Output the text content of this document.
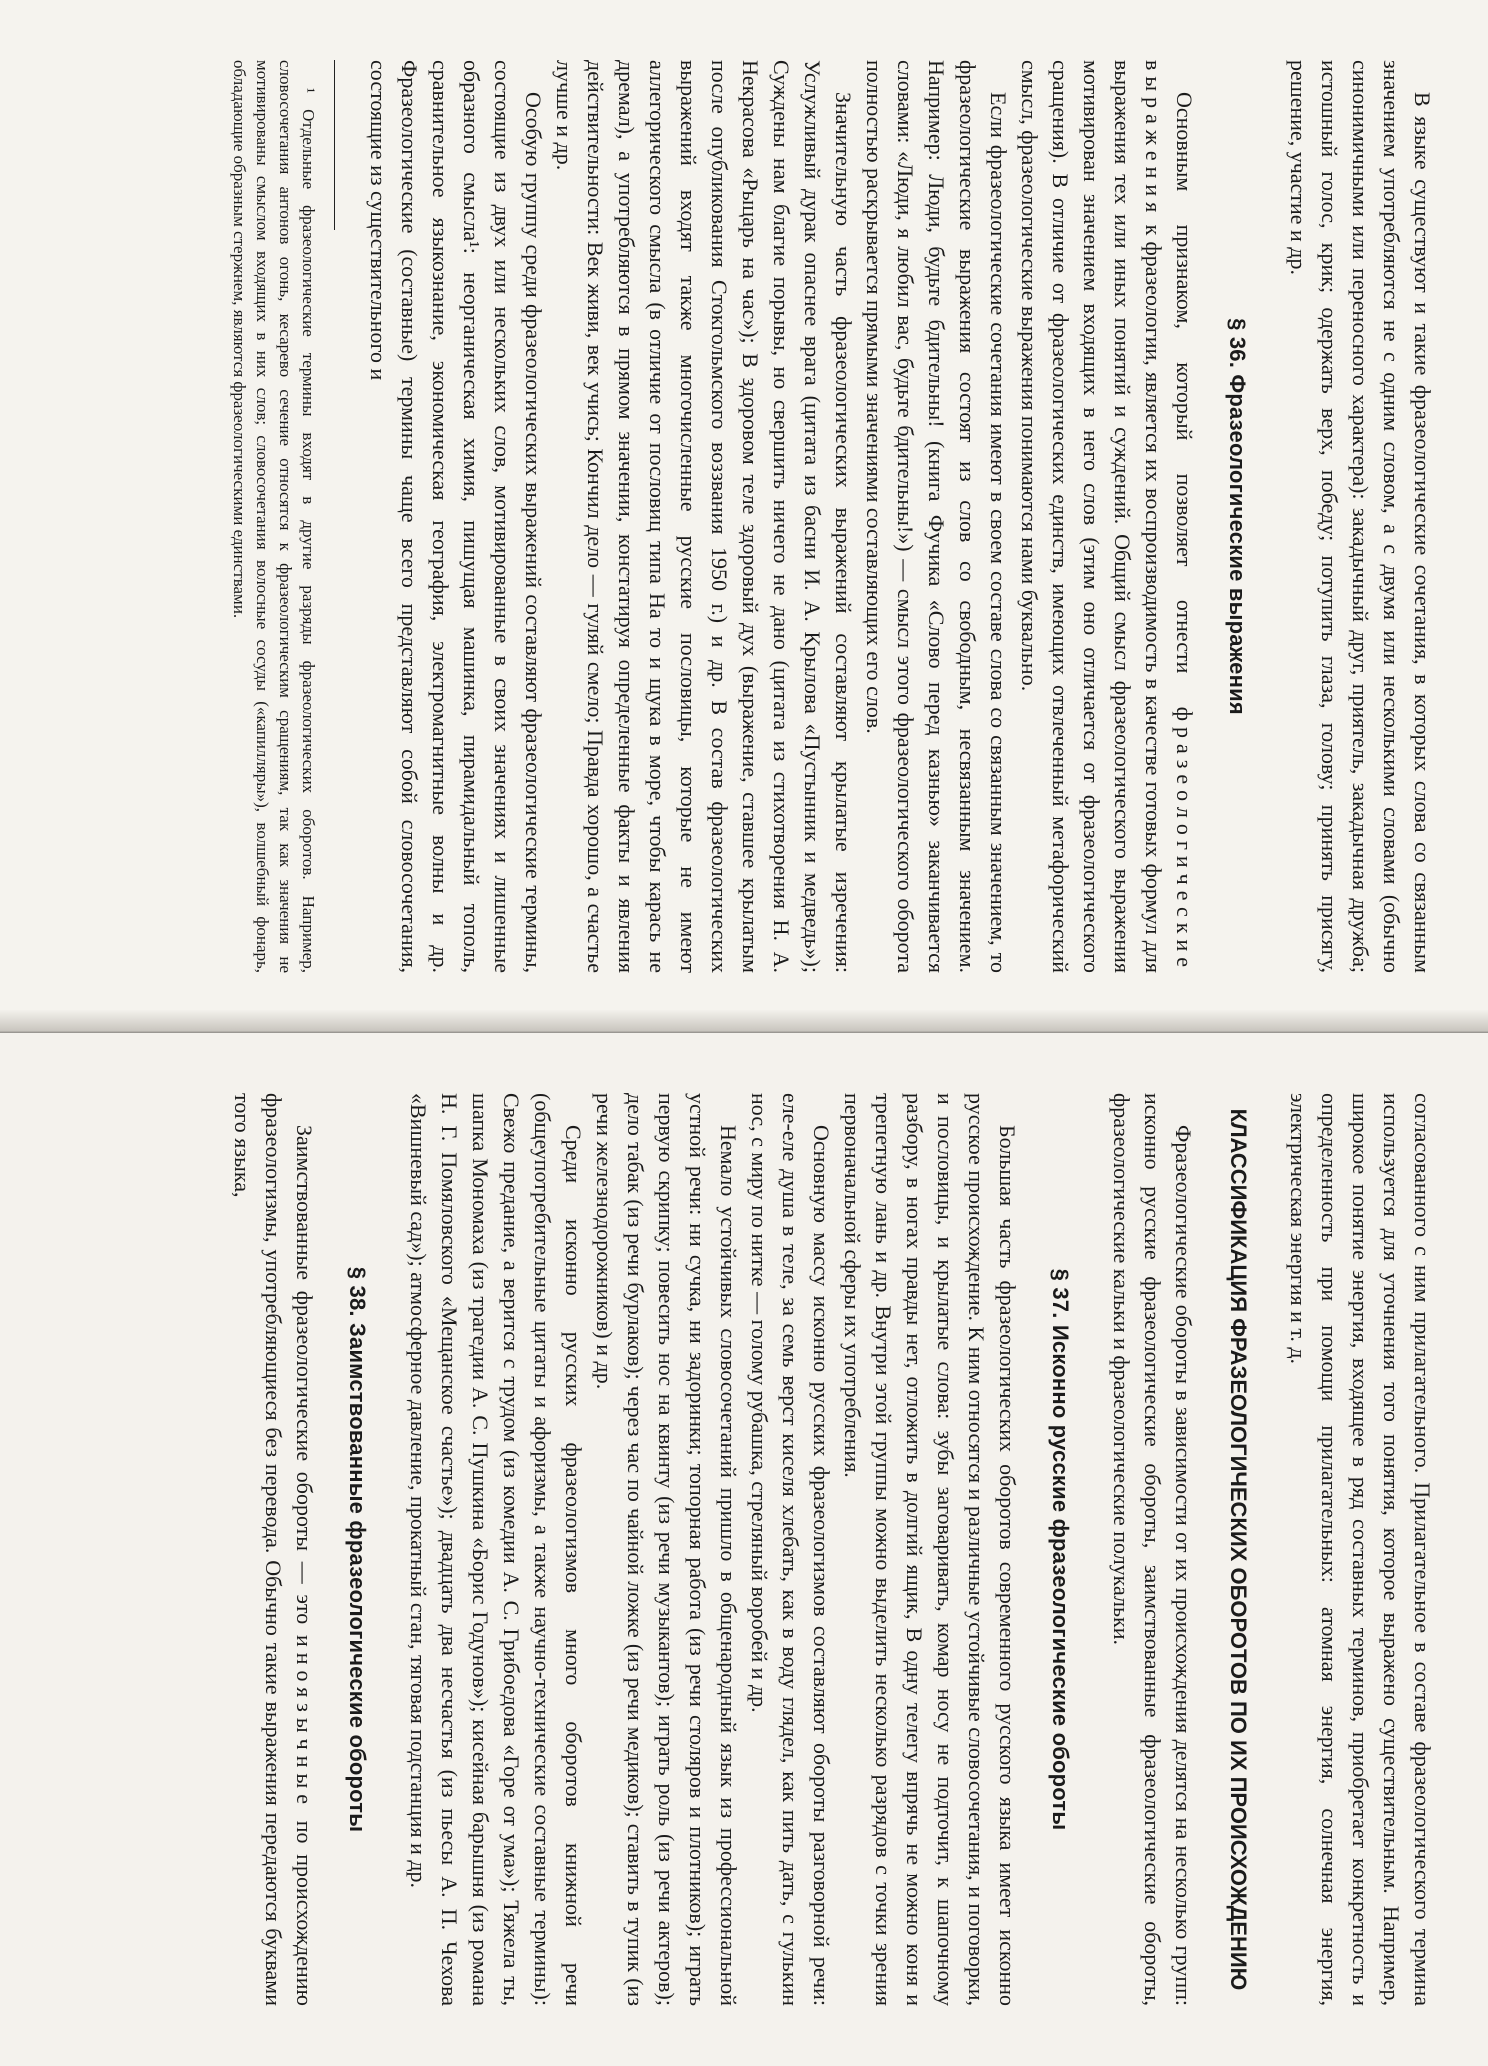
В языке существуют и такие фразеологические сочетания, в которых слова со связанным значением употребляются не с одним словом, а с двумя или несколькими словами (обычно синонимичными или переносного характера): закадычный друг, приятель, закадычная дружба; истошный голос, крик; одержать верх, победу; потупить глаза, голову; принять присягу, решение, участие и др.

§ 36. Фразеологические выражения

Основным признаком, который позволяет отнести фразеологические выражения к фразеологии, является их воспроизводимость в качестве готовых формул для выражения тех или иных понятий и суждений. Общий смысл фразеологического выражения мотивирован значением входящих в него слов (этим оно отличается от фразеологического сращения). В отличие от фразеологических единств, имеющих отвлеченный метафорический смысл, фразеологические выражения понимаются нами буквально.

Если фразеологические сочетания имеют в своем составе слова со связанным значением, то фразеологические выражения состоят из слов со свободным, несвязанным значением. Например: Люди, будьте бдительны! (книга Фучика «Слово перед казнью» заканчивается словами: «Люди, я любил вас, будьте бдительны!») — смысл этого фразеологического оборота полностью раскрывается прямыми значениями составляющих его слов.

Значительную часть фразеологических выражений составляют крылатые изречения: Услужливый дурак опаснее врага (цитата из басни И. А. Крылова «Пустынник и медведь»); Суждены нам благие порывы, но свершить ничего не дано (цитата из стихотворения Н. А. Некрасова «Рыцарь на час»); В здоровом теле здоровый дух (выражение, ставшее крылатым после опубликования Стокгольмского воззвания 1950 г.) и др. В состав фразеологических выражений входят также многочисленные русские пословицы, которые не имеют аллегорического смысла (в отличие от пословиц типа На то и щука в море, чтобы карась не дремал), а употребляются в прямом значении, констатируя определенные факты и явления действительности: Век живи, век учись; Кончил дело — гуляй смело; Правда хорошо, а счастье лучше и др.

Особую группу среди фразеологических выражений составляют фразеологические термины, состоящие из двух или нескольких слов, мотивированные в своих значениях и лишенные образного смысла¹: неорганическая химия, пишущая машинка, пирамидальный тополь, сравнительное языкознание, экономическая география, электромагнитные волны и др. Фразеологические (составные) термины чаще всего представляют собой словосочетания, состоящие из существительного и

¹ Отдельные фразеологические термины входят в другие разряды фразеологических оборотов. Например, словосочетания антонов огонь, кесарево сечение относятся к фразеологическим сращениям, так как значения не мотивированы смыслом входящих в них слов; словосочетания волосные сосуды («капилляры»), волшебный фонарь, обладающие образным стержнем, являются фразеологическими единствами.

согласованного с ним прилагательного. Прилагательное в составе фразеологического термина используется для уточнения того понятия, которое выражено существительным. Например, широкое понятие энергия, входящее в ряд составных терминов, приобретает конкретность и определенность при помощи прилагательных: атомная энергия, солнечная энергия, электрическая энергия и т. д.

КЛАССИФИКАЦИЯ ФРАЗЕОЛОГИЧЕСКИХ ОБОРОТОВ ПО ИХ ПРОИСХОЖДЕНИЮ

Фразеологические обороты в зависимости от их происхождения делятся на несколько групп: исконно русские фразеологические обороты, заимствованные фразеологические обороты, фразеологические кальки и фразеологические полукальки.

§ 37. Исконно русские фразеологические обороты

Большая часть фразеологических оборотов современного русского языка имеет исконно русское происхождение. К ним относятся и различные устойчивые словосочетания, и поговорки, и пословицы, и крылатые слова: зубы заговаривать, комар носу не подточит, к шапочному разбору, в ногах правды нет, отложить в долгий ящик, В одну телегу впрячь не можно коня и трепетную лань и др. Внутри этой группы можно выделить несколько разрядов с точки зрения первоначальной сферы их употребления.

Основную массу исконно русских фразеологизмов составляют обороты разговорной речи: еле-еле душа в теле, за семь верст киселя хлебать, как в воду глядел, как пить дать, с гулькин нос, с миру по нитке — голому рубашка, стреляный воробей и др.

Немало устойчивых словосочетаний пришло в общенародный язык из профессиональной устной речи: ни сучка, ни задоринки; топорная работа (из речи столяров и плотников); играть первую скрипку; повесить нос на квинту (из речи музыкантов); играть роль (из речи актеров); дело табак (из речи бурлаков); через час по чайной ложке (из речи медиков); ставить в тупик (из речи железнодорожников) и др.

Среди исконно русских фразеологизмов много оборотов книжной речи (общеупотребительные цитаты и афоризмы, а также научно-технические составные термины): Свежо предание, а верится с трудом (из комедии А. С. Грибоедова «Горе от ума»); Тяжела ты, шапка Мономаха (из трагедии А. С. Пушкина «Борис Годунов»); кисейная барышня (из романа Н. Г. Помяловского «Мещанское счастье»); двадцать два несчастья (из пьесы А. П. Чехова «Вишневый сад»); атмосферное давление, прокатный стан, тяговая подстанция и др.

§ 38. Заимствованные фразеологические обороты

Заимствованные фразеологические обороты — это иноязычные по происхождению фразеологизмы, употребляющиеся без перевода. Обычно такие выражения передаются буквами того языка,
